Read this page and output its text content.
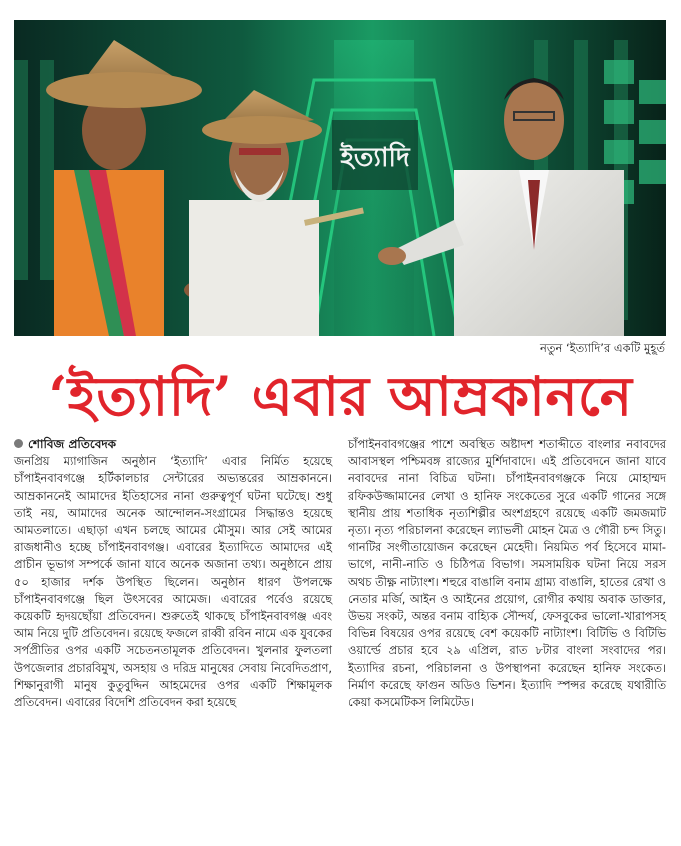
ইত্যাদি
নতুন ‘ইত্যাদি’র একটি মুহূর্ত
‘ইত্যাদি’ এবার আম্রকাননে

শোবিজ প্রতিবেদক

জনপ্রিয় ম্যাগাজিন অনুষ্ঠান ‘ইত্যাদি’ এবার নির্মিত হয়েছে চাঁপাইনবাবগঞ্জে হর্টিকালচার সেন্টারের অভ্যন্তরের আম্রকাননে। আম্রকাননেই আমাদের ইতিহাসের নানা গুরুত্বপূর্ণ ঘটনা ঘটেছে। শুধু তাই নয়, আমাদের অনেক আন্দোলন-সংগ্রামের সিদ্ধান্তও হয়েছে আমতলাতে। এছাড়া এখন চলছে আমের মৌসুম। আর সেই আমের রাজধানীও হচ্ছে চাঁপাইনবাবগঞ্জ। এবারের ইত্যাদিতে আমাদের এই প্রাচীন ভূভাগ সম্পর্কে জানা যাবে অনেক অজানা তথ্য। অনুষ্ঠানে প্রায় ৫০ হাজার দর্শক উপস্থিত ছিলেন। অনুষ্ঠান ধারণ উপলক্ষে চাঁপাইনবাবগঞ্জে ছিল উৎসবের আমেজ। এবারের পর্বেও রয়েছে কয়েকটি হৃদয়ছোঁয়া প্রতিবেদন। শুরুতেই থাকছে চাঁপাইনবাবগঞ্জ এবং আম নিয়ে দুটি প্রতিবেদন। রয়েছে ফজলে রাব্বী রবিন নামে এক যুবকের সর্পপ্রীতির ওপর একটি সচেতনতামূলক প্রতিবেদন। খুলনার ফুলতলা উপজেলার প্রচারবিমুখ, অসহায় ও দরিদ্র মানুষের সেবায় নিবেদিতপ্রাণ, শিক্ষানুরাগী মানুষ কুতুবুদ্দিন আহমেদের ওপর একটি শিক্ষামূলক প্রতিবেদন। এবারের বিদেশি প্রতিবেদন করা হয়েছে

চাঁপাইনবাবগঞ্জের পাশে অবস্থিত অষ্টাদশ শতাব্দীতে বাংলার নবাবদের আবাসস্থল পশ্চিমবঙ্গ রাজ্যের মুর্শিদাবাদে। এই প্রতিবেদনে জানা যাবে নবাবদের নানা বিচিত্র ঘটনা। চাঁপাইনবাবগঞ্জকে নিয়ে মোহাম্মদ রফিকউজ্জামানের লেখা ও হানিফ সংকেতের সুরে একটি গানের সঙ্গে স্থানীয় প্রায় শতাধিক নৃত্যশিল্পীর অংশগ্রহণে রয়েছে একটি জমজমাট নৃত্য। নৃত্য পরিচালনা করেছেন ল্যাভলী মোহন মৈত্র ও গৌরী চন্দ সিতু। গানটির সংগীতায়োজন করেছেন মেহেদী। নিয়মিত পর্ব হিসেবে মামা-ভাগে, নানী-নাতি ও চিঠিপত্র বিভাগ। সমসাময়িক ঘটনা নিয়ে সরস অথচ তীক্ষ্ণ নাট্যাংশ। শহুরে বাঙালি বনাম গ্রাম্য বাঙালি, হাতের রেখা ও নেতার মর্জি, আইন ও আইনের প্রয়োগ, রোগীর কথায় অবাক ডাক্তার, উভয় সংকট, অন্তর বনাম বাহ্যিক সৌন্দর্য, ফেসবুকের ভালো-খারাপসহ বিভিন্ন বিষয়ের ওপর রয়েছে বেশ কয়েকটি নাট্যাংশ। বিটিভি ও বিটিভি ওয়ার্ল্ডে প্রচার হবে ২৯ এপ্রিল, রাত ৮টার বাংলা সংবাদের পর। ইত্যাদির রচনা, পরিচালনা ও উপস্থাপনা করেছেন হানিফ সংকেত। নির্মাণ করেছে ফাগুন অডিও ভিশন। ইত্যাদি স্পন্সর করেছে যথারীতি কেয়া কসমেটিকস লিমিটেড।
